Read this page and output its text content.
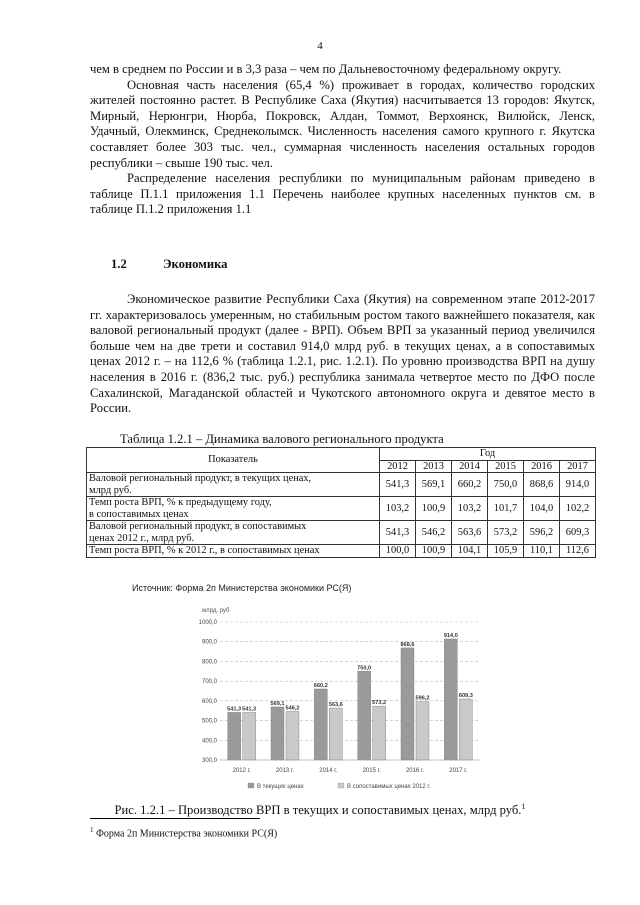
4

чем в среднем по России и в 3,3 раза – чем по Дальневосточному федеральному округу.

Основная часть населения (65,4 %) проживает в городах, количество городских жителей постоянно растет. В Республике Саха (Якутия) насчитывается 13 городов: Якутск, Мирный, Нерюнгри, Нюрба, Покровск, Алдан, Томмот, Верхоянск, Вилюйск, Ленск, Удачный, Олекминск, Среднеколымск. Численность населения самого крупного г. Якутска составляет более 303 тыс. чел., суммарная численность населения остальных городов республики – свыше 190 тыс. чел.

Распределение населения республики по муниципальным районам приведено в таблице П.1.1 приложения 1.1 Перечень наиболее крупных населенных пунктов см. в таблице П.1.2 приложения 1.1

1.2	Экономика

Экономическое развитие Республики Саха (Якутия) на современном этапе 2012-2017 гг. характеризовалось умеренным, но стабильным ростом такого важнейшего показателя, как валовой региональный продукт (далее - ВРП). Объем ВРП за указанный период увеличился больше чем на две трети и составил 914,0 млрд руб. в текущих ценах, а в сопоставимых ценах 2012 г. – на 112,6 % (таблица 1.2.1, рис. 1.2.1). По уровню производства ВРП на душу населения в 2016 г. (836,2 тыс. руб.) республика занимала четвертое место по ДФО после Сахалинской, Магаданской областей и Чукотского автономного округа и девятое место в России.

Таблица 1.2.1 – Динамика валового регионального продукта
Показатель	Год					
	2012	2013	2014	2015	2016	2017
Валовой региональный продукт, в текущих ценах,
млрд руб.	541,3	569,1	660,2	750,0	868,6	914,0
Темп роста ВРП, % к предыдущему году,
в сопоставимых ценах	103,2	100,9	103,2	101,7	104,0	102,2
Валовой региональный продукт, в сопоставимых
ценах 2012 г., млрд руб.	541,3	546,2	563,6	573,2	596,2	609,3
Темп роста ВРП, % к 2012 г., в сопоставимых ценах	100,0	100,9	104,1	105,9	110,1	112,6
Источник: Форма 2п Министерства экономики РС(Я)
млрд. руб
300,0
400,0
500,0
600,0
700,0
800,0
900,0
1000,0
541,3 541,3
2012 г.
569,1
546,2
2013 г.
660,2
563,6
2014 г.
750,0
573,2
2015 г.
868,6
596,2
2016 г.
914,0
609,3
2017 г.
В текущих ценах	В сопоставимых ценах 2012 г.
Рис. 1.2.1 – Производство ВРП в текущих и сопоставимых ценах, млрд руб.$^1$
$^1$ Форма 2п Министерства экономики РС(Я)
